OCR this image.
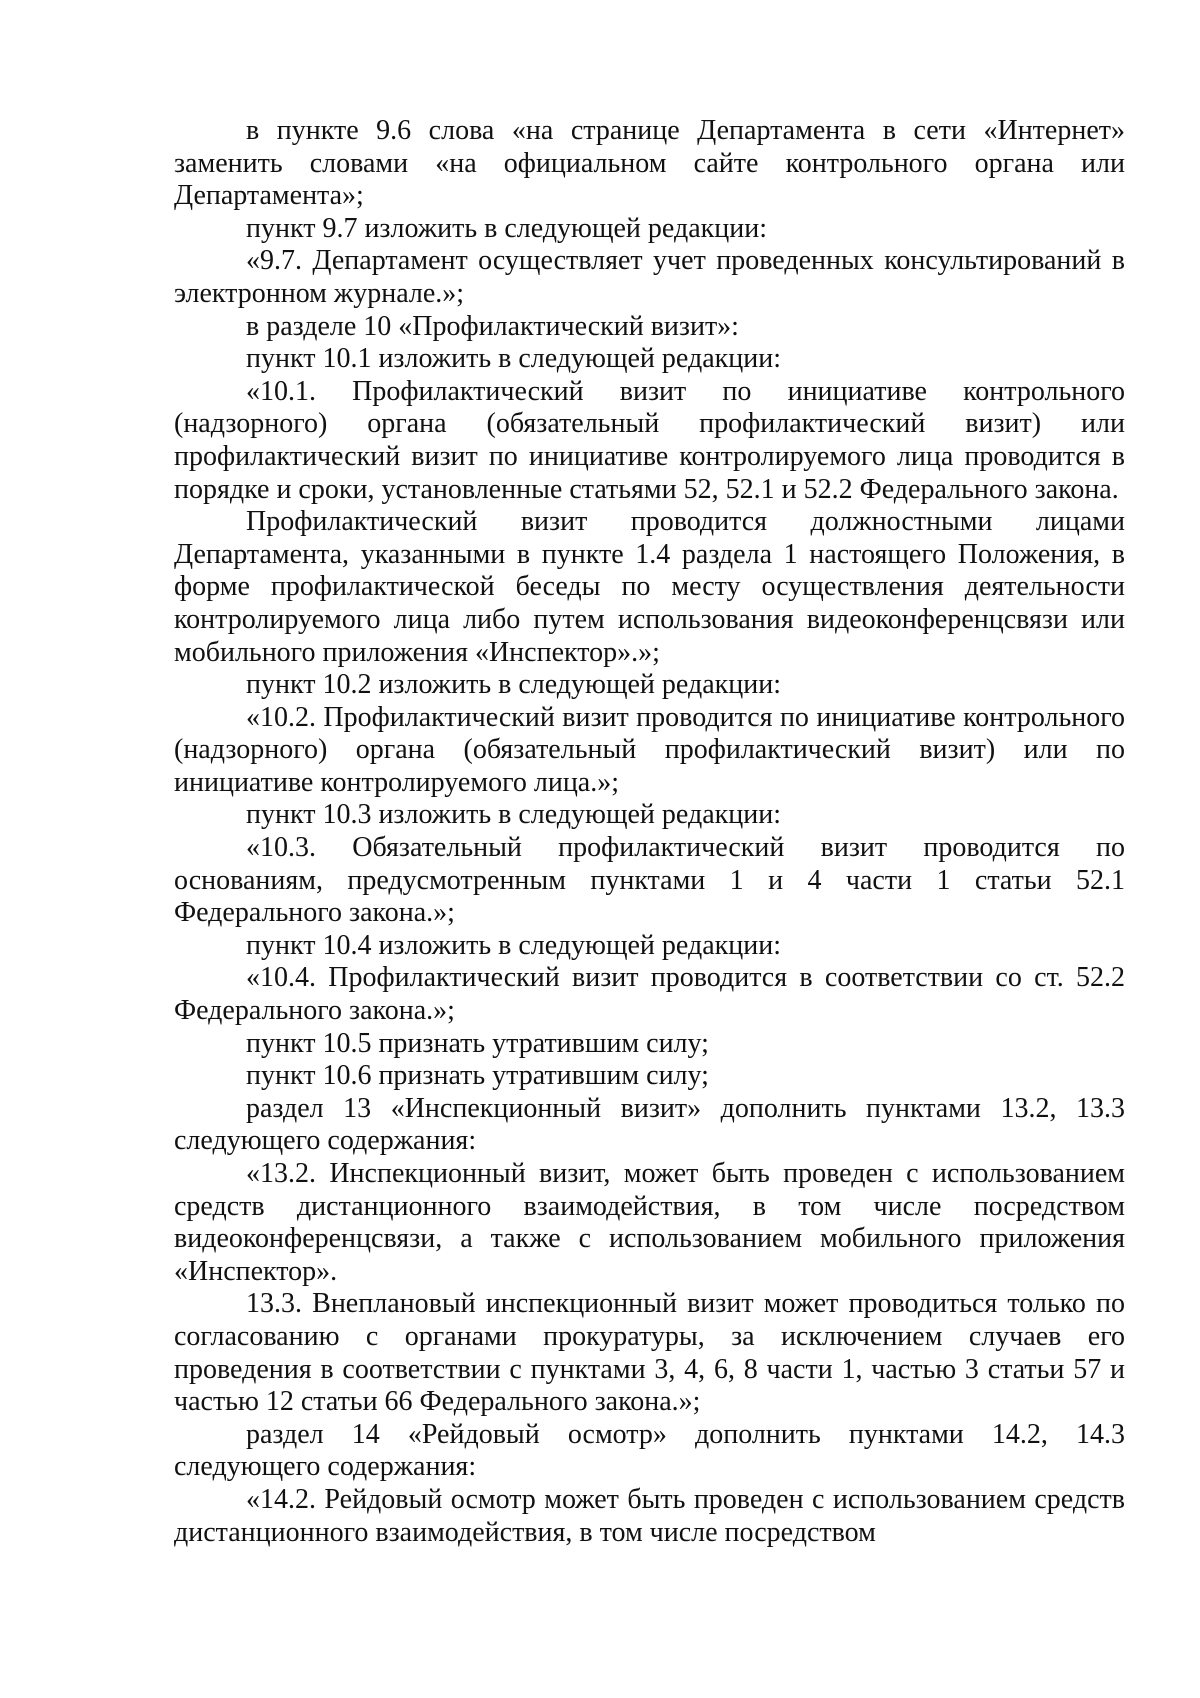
в пункте 9.6 слова «на странице Департамента в сети «Интернет» заменить словами «на официальном сайте контрольного органа или Департамента»;

пункт 9.7 изложить в следующей редакции:

«9.7. Департамент осуществляет учет проведенных консультирований в электронном журнале.»;

в разделе 10 «Профилактический визит»:

пункт 10.1 изложить в следующей редакции:

«10.1. Профилактический визит по инициативе контрольного (надзорного) органа (обязательный профилактический визит) или профилактический визит по инициативе контролируемого лица проводится в порядке и сроки, установленные статьями 52, 52.1 и 52.2 Федерального закона.

Профилактический визит проводится должностными лицами Департамента, указанными в пункте 1.4 раздела 1 настоящего Положения, в форме профилактической беседы по месту осуществления деятельности контролируемого лица либо путем использования видеоконференцсвязи или мобильного приложения «Инспектор».»;

пункт 10.2 изложить в следующей редакции:

«10.2. Профилактический визит проводится по инициативе контрольного (надзорного) органа (обязательный профилактический визит) или по инициативе контролируемого лица.»;

пункт 10.3 изложить в следующей редакции:

«10.3. Обязательный профилактический визит проводится по основаниям, предусмотренным пунктами 1 и 4 части 1 статьи 52.1 Федерального закона.»;

пункт 10.4 изложить в следующей редакции:

«10.4. Профилактический визит проводится в соответствии со ст. 52.2 Федерального закона.»;

пункт 10.5 признать утратившим силу;

пункт 10.6 признать утратившим силу;

раздел 13 «Инспекционный визит» дополнить пунктами 13.2, 13.3 следующего содержания:

«13.2. Инспекционный визит, может быть проведен с использованием средств дистанционного взаимодействия, в том числе посредством видеоконференцсвязи, а также с использованием мобильного приложения «Инспектор».

13.3. Внеплановый инспекционный визит может проводиться только по согласованию с органами прокуратуры, за исключением случаев его проведения в соответствии с пунктами 3, 4, 6, 8 части 1, частью 3 статьи 57 и частью 12 статьи 66 Федерального закона.»;

раздел 14 «Рейдовый осмотр» дополнить пунктами 14.2, 14.3 следующего содержания:

«14.2. Рейдовый осмотр может быть проведен с использованием средств дистанционного взаимодействия, в том числе посредством
